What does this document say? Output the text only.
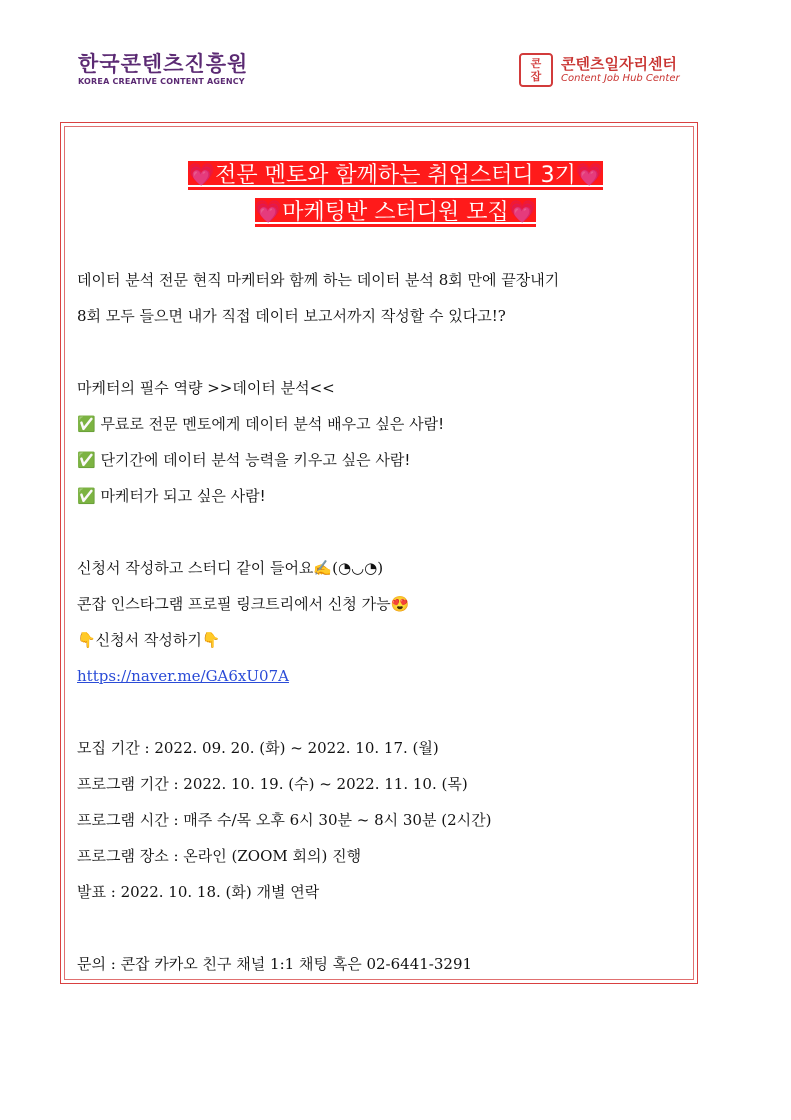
한국콘텐츠진흥원
KOREA CREATIVE CONTENT AGENCY
콘
잡
콘텐츠일자리센터
Content Job Hub Center
💗전문 멘토와 함께하는 취업스터디 3기💗
💗마케팅반 스터디원 모집💗
데이터 분석 전문 현직 마케터와 함께 하는 데이터 분석 8회 만에 끝장내기
8회 모두 들으면 내가 직접 데이터 보고서까지 작성할 수 있다고!?
마케터의 필수 역량 >>데이터 분석<<
✅ 무료로 전문 멘토에게 데이터 분석 배우고 싶은 사람!
✅ 단기간에 데이터 분석 능력을 키우고 싶은 사람!
✅ 마케터가 되고 싶은 사람!
신청서 작성하고 스터디 같이 들어요✍(◔◡◔)
콘잡 인스타그램 프로필 링크트리에서 신청 가능😍
👇신청서 작성하기👇
https://naver.me/GA6xU07A
모집 기간 : 2022. 09. 20. (화) ~ 2022. 10. 17. (월)
프로그램 기간 : 2022. 10. 19. (수) ~ 2022. 11. 10. (목)
프로그램 시간 : 매주 수/목 오후 6시 30분 ~ 8시 30분 (2시간)
프로그램 장소 : 온라인 (ZOOM 회의) 진행
발표 : 2022. 10. 18. (화) 개별 연락
문의 : 콘잡 카카오 친구 채널 1:1 채팅 혹은 02-6441-3291
